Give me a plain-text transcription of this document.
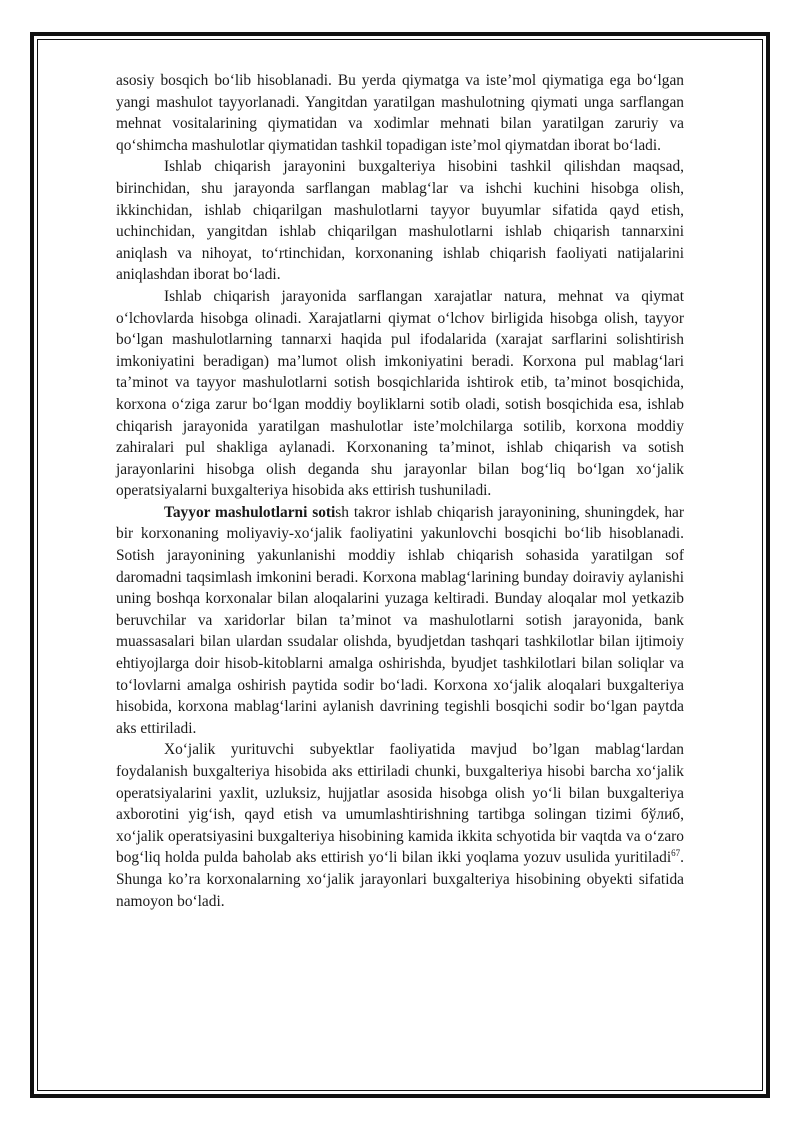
asosiy bosqich bo‘lib hisoblanadi. Bu yerda qiymatga va iste’mol qiymatiga ega bo‘lgan yangi mashulot tayyorlanadi. Yangitdan yaratilgan mashulotning qiymati unga sarflangan mehnat vositalarining qiymatidan va xodimlar mehnati bilan yaratilgan zaruriy va qo‘shimcha mashulotlar qiymatidan tashkil topadigan iste’mol qiymatdan iborat bo‘ladi.

Ishlab chiqarish jarayonini buxgalteriya hisobini tashkil qilishdan maqsad, birinchidan, shu jarayonda sarflangan mablag‘lar va ishchi kuchini hisobga olish, ikkinchidan, ishlab chiqarilgan mashulotlarni tayyor buyumlar sifatida qayd etish, uchinchidan, yangitdan ishlab chiqarilgan mashulotlarni ishlab chiqarish tannarxini aniqlash va nihoyat, to‘rtinchidan, korxonaning ishlab chiqarish faoliyati natijalarini aniqlashdan iborat bo‘ladi.

Ishlab chiqarish jarayonida sarflangan xarajatlar natura, mehnat va qiymat o‘lchovlarda hisobga olinadi. Xarajatlarni qiymat o‘lchov birligida hisobga olish, tayyor bo‘lgan mashulotlarning tannarxi haqida pul ifodalarida (xarajat sarflarini solishtirish imkoniyatini beradigan) ma’lumot olish imkoniyatini beradi. Korxona pul mablag‘lari ta’minot va tayyor mashulotlarni sotish bosqichlarida ishtirok etib, ta’minot bosqichida, korxona o‘ziga zarur bo‘lgan moddiy boyliklarni sotib oladi, sotish bosqichida esa, ishlab chiqarish jarayonida yaratilgan mashulotlar iste’molchilarga sotilib, korxona moddiy zahiralari pul shakliga aylanadi. Korxonaning ta’minot, ishlab chiqarish va sotish jarayonlarini hisobga olish deganda shu jarayonlar bilan bog‘liq bo‘lgan xo‘jalik operatsiyalarni buxgalteriya hisobida aks ettirish tushuniladi.

Tayyor mashulotlarni sotish takror ishlab chiqarish jarayonining, shuningdek, har bir korxonaning moliyaviy-xo‘jalik faoliyatini yakunlovchi bosqichi bo‘lib hisoblanadi. Sotish jarayonining yakunlanishi moddiy ishlab chiqarish sohasida yaratilgan sof daromadni taqsimlash imkonini beradi. Korxona mablag‘larining bunday doiraviy aylanishi uning boshqa korxonalar bilan aloqalarini yuzaga keltiradi. Bunday aloqalar mol yetkazib beruvchilar va xaridorlar bilan ta’minot va mashulotlarni sotish jarayonida, bank muassasalari bilan ulardan ssudalar olishda, byudjetdan tashqari tashkilotlar bilan ijtimoiy ehtiyojlarga doir hisob-kitoblarni amalga oshirishda, byudjet tashkilotlari bilan soliqlar va to‘lovlarni amalga oshirish paytida sodir bo‘ladi. Korxona xo‘jalik aloqalari buxgalteriya hisobida, korxona mablag‘larini aylanish davrining tegishli bosqichi sodir bo‘lgan paytda aks ettiriladi.

Xo‘jalik yurituvchi subyektlar faoliyatida mavjud bo’lgan mablag‘lardan foydalanish buxgalteriya hisobida aks ettiriladi chunki, buxgalteriya hisobi barcha xo‘jalik operatsiyalarini yaxlit, uzluksiz, hujjatlar asosida hisobga olish yo‘li bilan buxgalteriya axborotini yig‘ish, qayd etish va umumlashtirishning tartibga solingan tizimi бўлиб, xo‘jalik operatsiyasini buxgalteriya hisobining kamida ikkita schyotida bir vaqtda va o‘zaro bog‘liq holda pulda baholab aks ettirish yo‘li bilan ikki yoqlama yozuv usulida yuritiladi$^{67}$. Shunga ko’ra korxonalarning xo‘jalik jarayonlari buxgalteriya hisobining obyekti sifatida namoyon bo‘ladi.
